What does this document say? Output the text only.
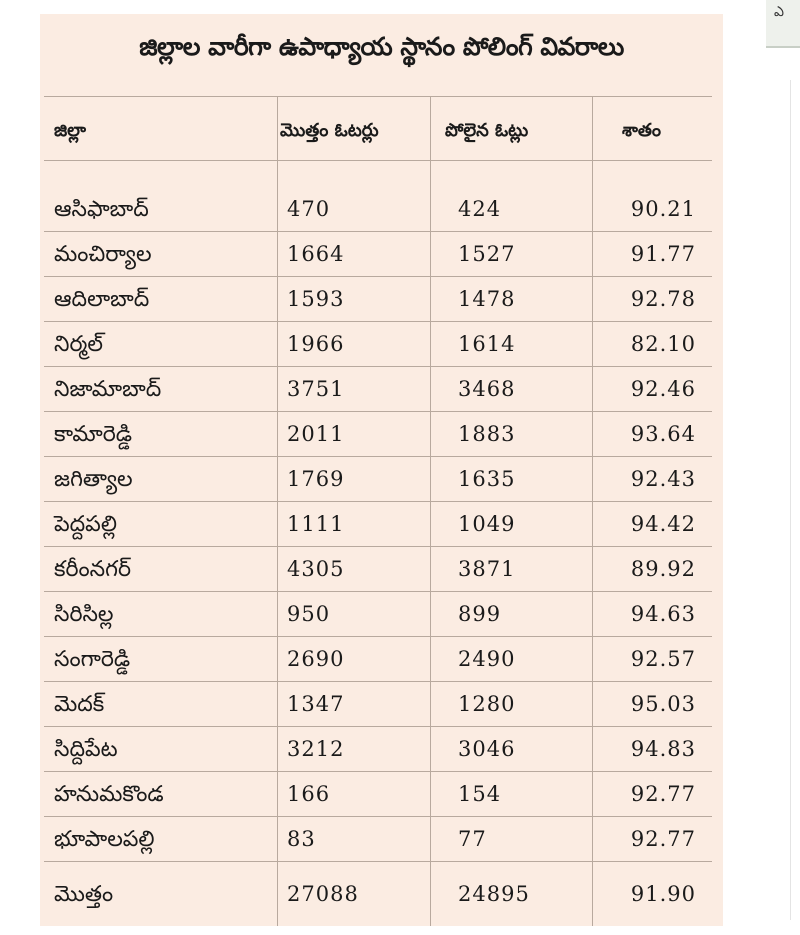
జిల్లాల వారీగా ఉపాధ్యాయ స్థానం పోలింగ్ వివరాలు
జిల్లా	మొత్తం ఓటర్లు	పోలైన ఓట్లు	శాతం
ఆసిఫాబాద్	470	424	90.21
మంచిర్యాల	1664	1527	91.77
ఆదిలాబాద్	1593	1478	92.78
నిర్మల్	1966	1614	82.10
నిజామాబాద్	3751	3468	92.46
కామారెడ్డి	2011	1883	93.64
జగిత్యాల	1769	1635	92.43
పెద్దపల్లి	1111	1049	94.42
కరీంనగర్	4305	3871	89.92
సిరిసిల్ల	950	899	94.63
సంగారెడ్డి	2690	2490	92.57
మెదక్	1347	1280	95.03
సిద్దిపేట	3212	3046	94.83
హనుమకొండ	166	154	92.77
భూపాలపల్లి	83	77	92.77
మొత్తం	27088	24895	91.90
ఎ
